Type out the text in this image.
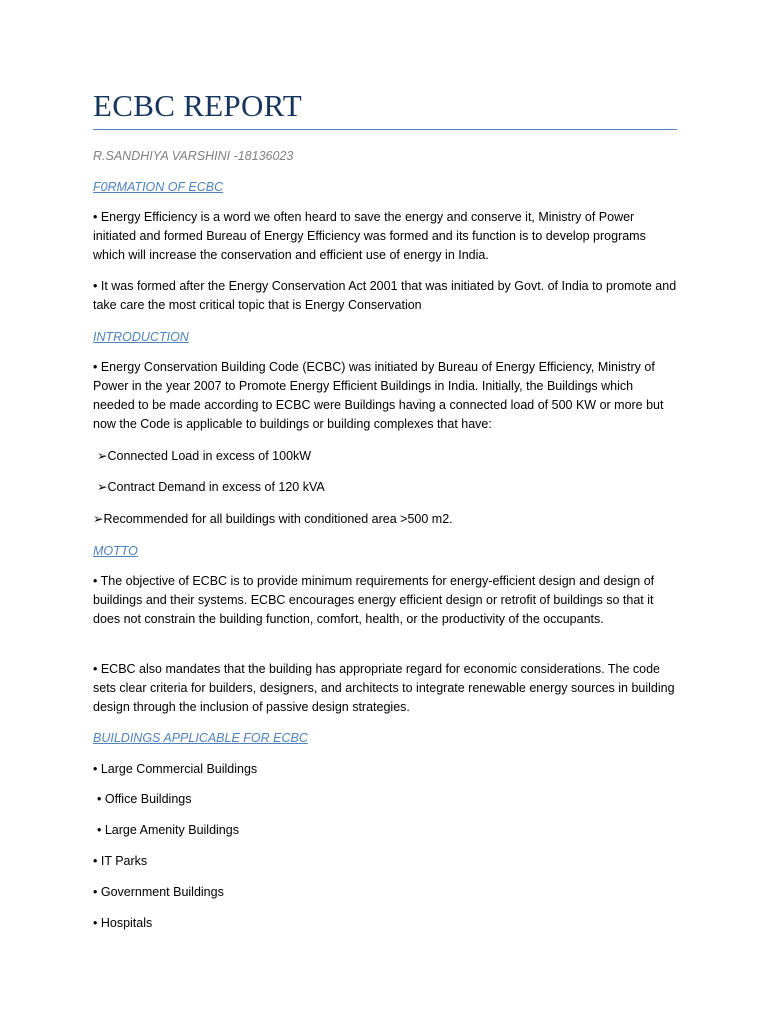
ECBC REPORT
R.SANDHIYA VARSHINI -18136023
F0RMATION OF ECBC

• Energy Efficiency is a word we often heard to save the energy and conserve it, Ministry of Power initiated and formed Bureau of Energy Efficiency was formed and its function is to develop programs which will increase the conservation and efficient use of energy in India.

• It was formed after the Energy Conservation Act 2001 that was initiated by Govt. of India to promote and take care the most critical topic that is Energy Conservation

INTRODUCTION

• Energy Conservation Building Code (ECBC) was initiated by Bureau of Energy Efficiency, Ministry of Power in the year 2007 to Promote Energy Efficient Buildings in India. Initially, the Buildings which needed to be made according to ECBC were Buildings having a connected load of 500 KW or more but now the Code is applicable to buildings or building complexes that have:

➢Connected Load in excess of 100kW
➢Contract Demand in excess of 120 kVA
➢Recommended for all buildings with conditioned area >500 m2.
MOTTO

• The objective of ECBC is to provide minimum requirements for energy-efficient design and design of buildings and their systems. ECBC encourages energy efficient design or retrofit of buildings so that it does not constrain the building function, comfort, health, or the productivity of the occupants.

• ECBC also mandates that the building has appropriate regard for economic considerations. The code sets clear criteria for builders, designers, and architects to integrate renewable energy sources in building design through the inclusion of passive design strategies.

BUILDINGS APPLICABLE FOR ECBC
• Large Commercial Buildings
• Office Buildings
• Large Amenity Buildings
• IT Parks
• Government Buildings
• Hospitals
